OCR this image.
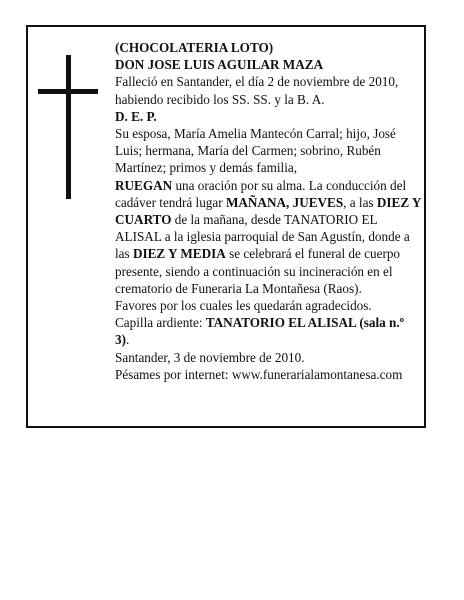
(CHOCOLATERIA LOTO)

DON JOSE LUIS AGUILAR MAZA

Falleció en Santander, el día 2 de noviembre de 2010, habiendo recibido los SS. SS. y la B. A.

D. E. P.

Su esposa, María Amelia Mantecón Carral; hijo, José Luis; hermana, María del Carmen; sobrino, Rubén Martínez; primos y demás familia,

RUEGAN una oración por su alma. La conducción del cadáver tendrá lugar MAÑANA, JUEVES, a las DIEZ Y CUARTO de la mañana, desde TANATORIO EL ALISAL a la iglesia parroquial de San Agustín, donde a las DIEZ Y MEDIA se celebrará el funeral de cuerpo presente, siendo a continuación su incineración en el crematorio de Funeraria La Montañesa (Raos).

Favores por los cuales les quedarán agradecidos.

Capilla ardiente: TANATORIO EL ALISAL (sala n.º 3).

Santander, 3 de noviembre de 2010.

Pésames por internet: www.funerarialamontanesa.com
